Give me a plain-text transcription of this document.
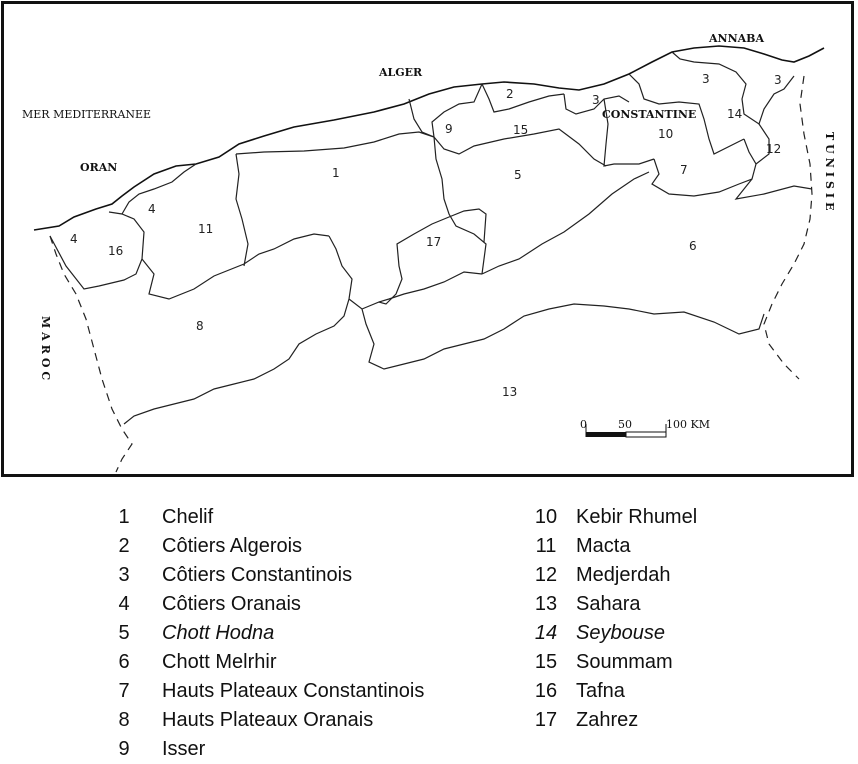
MER MEDITERRANEE
ORAN
ALGER
ANNABA
CONSTANTINE
MAROC
TUNISIE
1
2
3	3
3
4
4
5
6
7
8
9	10
11
12
13
14
15
16
17
0	50	100 KM
1	Chelif
2	Côtiers Algerois
3	Côtiers Constantinois
4	Côtiers Oranais
5	Chott Hodna
6	Chott Melrhir
7	Hauts Plateaux Constantinois
8	Hauts Plateaux Oranais
9	Isser
10 Kebir Rhumel
11 Macta
12 Medjerdah
13 Sahara
14 Seybouse
15 Soummam
16 Tafna
17 Zahrez
